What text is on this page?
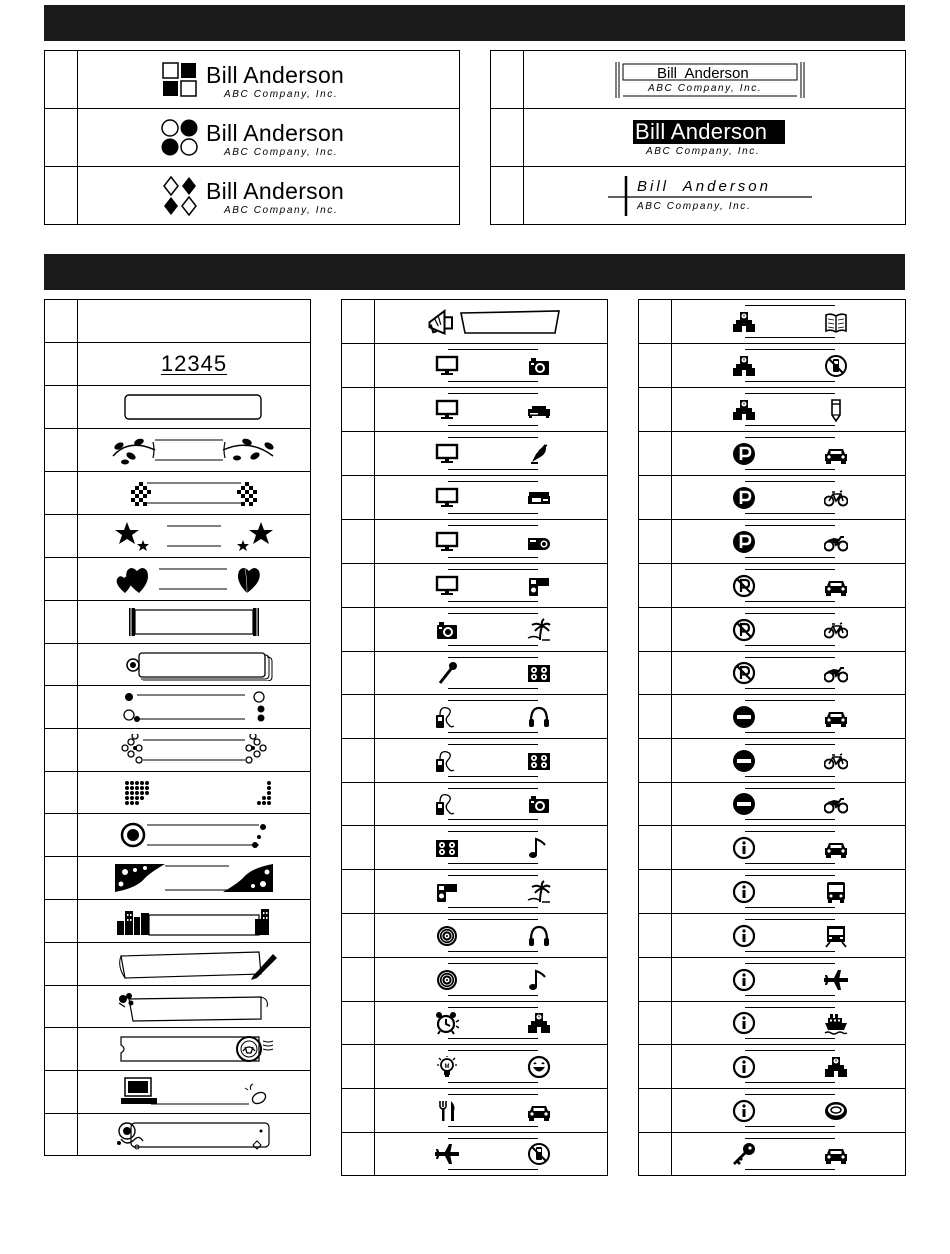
	Bill Anderson
ABC Company, Inc.

	Bill Anderson
ABC Company, Inc.

	Bill Anderson
ABC Company, Inc.

	Bill  Anderson
ABC Company, Inc.

	Bill Anderson
ABC Company, Inc.

	Bill  Anderson
ABC Company, Inc.

	12345

M
